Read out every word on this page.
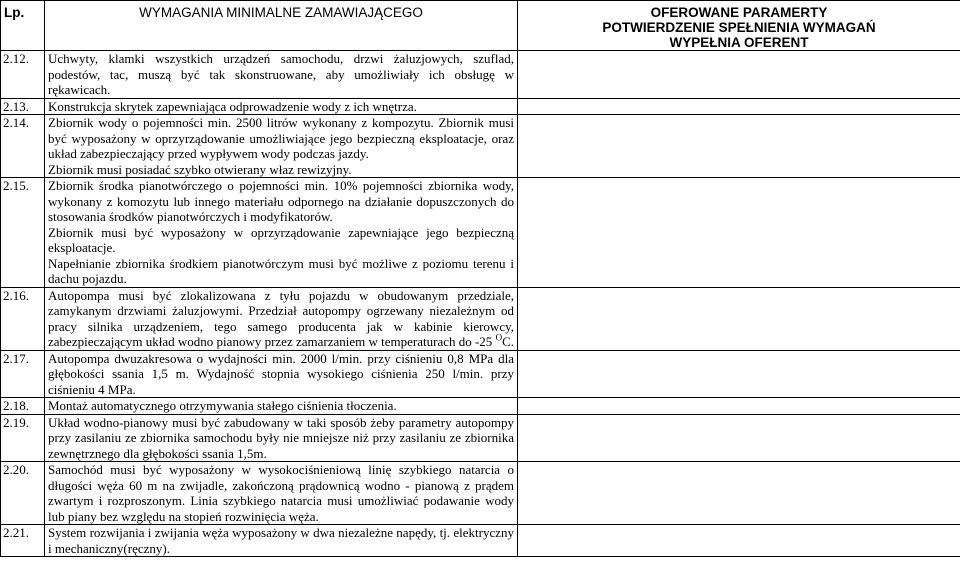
Lp.	WYMAGANIA MINIMALNE ZAMAWIAJĄCEGO	OFEROWANE PARAMERTY
POTWIERDZENIE SPEŁNIENIA WYMAGAŃ
WYPEŁNIA OFERENT

2.12.	Uchwyty, klamki wszystkich urządzeń samochodu, drzwi żaluzjowych, szuflad, podestów, tac, muszą być tak skonstruowane, aby umożliwiały ich obsługę w rękawicach.	

2.13.	Konstrukcja skrytek zapewniająca odprowadzenie wody z ich wnętrza.	

2.14.	Zbiornik wody o pojemności min. 2500 litrów wykonany z kompozytu. Zbiornik musi być wyposażony w oprzyrządowanie umożliwiające jego bezpieczną eksploatacje, oraz układ zabezpieczający przed wypływem wody podczas jazdy.
Zbiornik musi posiadać szybko otwierany właz rewizyjny.	

2.15.	Zbiornik środka pianotwórczego o pojemności min. 10% pojemności zbiornika wody, wykonany z komozytu lub innego materiału odpornego na działanie dopuszczonych do stosowania środków pianotwórczych i modyfikatorów.
Zbiornik musi być wyposażony w oprzyrządowanie zapewniające jego bezpieczną eksploatacje.
Napełnianie zbiornika środkiem pianotwórczym musi być możliwe z poziomu terenu i dachu pojazdu.	

2.16.	Autopompa musi być zlokalizowana z tyłu pojazdu w obudowanym przedziale, zamykanym drzwiami żaluzjowymi. Przedział autopompy ogrzewany niezależnym od pracy silnika urządzeniem, tego samego producenta jak w kabinie kierowcy, zabezpieczającym układ wodno pianowy przez zamarzaniem w temperaturach do -25 $^O$C.	
2.17.	Autopompa dwuzakresowa o wydajności min. 2000 l/min. przy ciśnieniu 0,8 MPa dla głębokości ssania 1,5 m. Wydajność stopnia wysokiego ciśnienia 250 l/min. przy ciśnieniu 4 MPa.	

2.18.	Montaż automatycznego otrzymywania stałego ciśnienia tłoczenia.	

2.19.	Układ wodno-pianowy musi być zabudowany w taki sposób żeby parametry autopompy przy zasilaniu ze zbiornika samochodu były nie mniejsze niż przy zasilaniu ze zbiornika zewnętrznego dla głębokości ssania 1,5m.	

2.20.	Samochód musi być wyposażony w wysokociśnieniową linię szybkiego natarcia o długości węża 60 m na zwijadle, zakończoną prądownicą wodno - pianową z prądem zwartym i rozproszonym. Linia szybkiego natarcia musi umożliwiać podawanie wody lub piany bez względu na stopień rozwinięcia węża.	

2.21.	System rozwijania i zwijania węża wyposażony w dwa niezależne napędy, tj. elektryczny i mechaniczny(ręczny).	
